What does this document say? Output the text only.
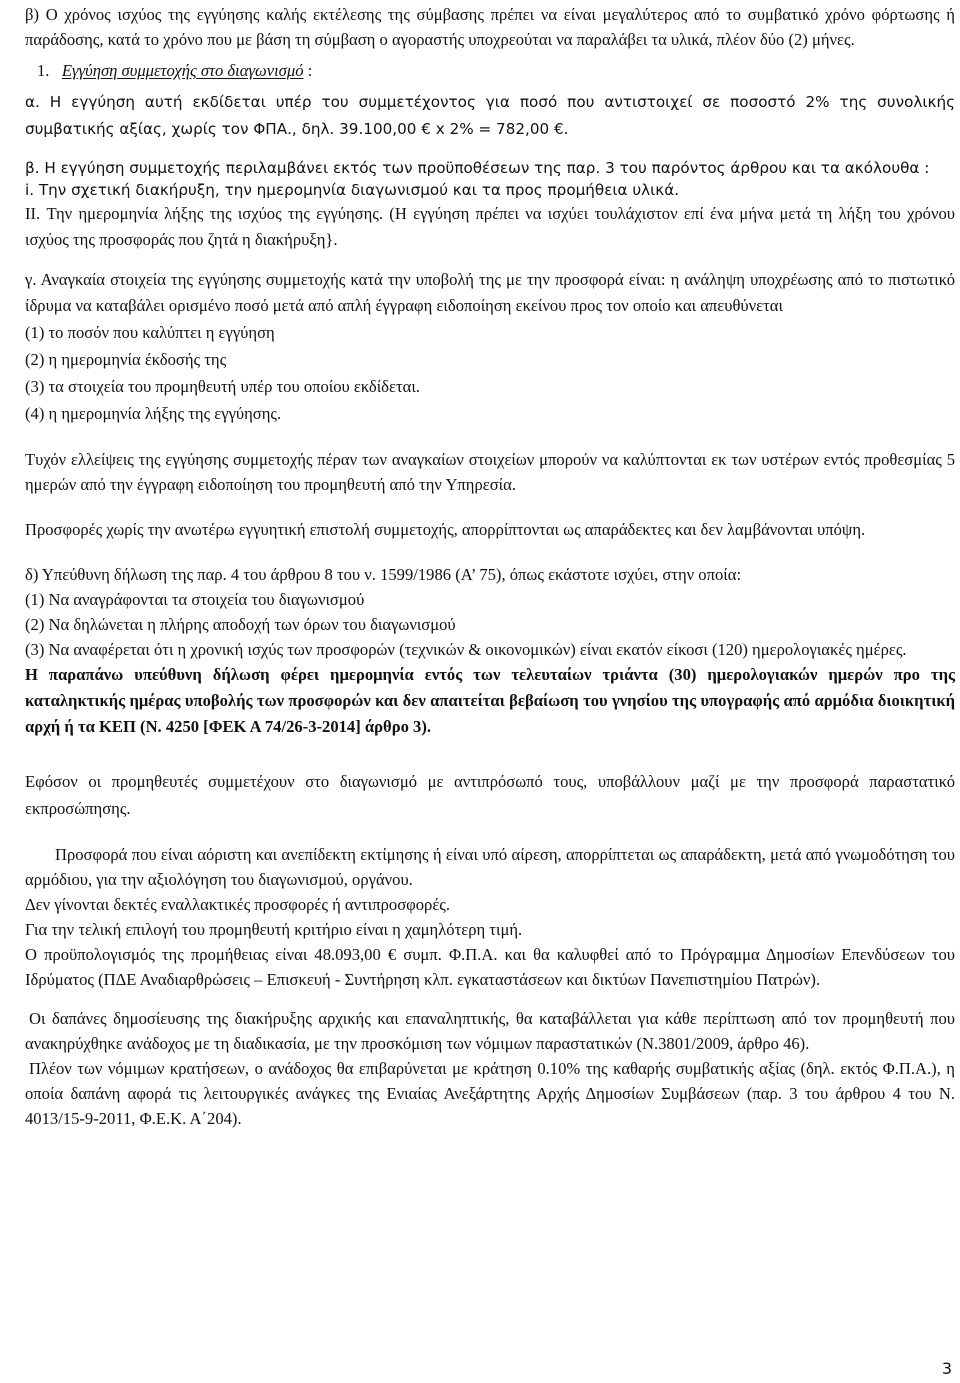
β) Ο χρόνος ισχύος της εγγύησης καλής εκτέλεσης της σύμβασης πρέπει να είναι μεγαλύτερος από το συμβατικό χρόνο φόρτωσης ή παράδοσης, κατά το χρόνο που με βάση τη σύμβαση ο αγοραστής υποχρεούται να παραλάβει τα υλικά, πλέον δύο (2) μήνες.

1. Εγγύηση συμμετοχής στο διαγωνισμό :

α. Η εγγύηση αυτή εκδίδεται υπέρ του συμμετέχοντος για ποσό που αντιστοιχεί σε ποσοστό 2% της συνολικής συμβατικής αξίας, χωρίς τον ΦΠΑ., δηλ. 39.100,00 € x 2% = 782,00 €.

β. Η εγγύηση συμμετοχής περιλαμβάνει εκτός των προϋποθέσεων της παρ. 3 του παρόντος άρθρου και τα ακόλουθα :

i. Την σχετική διακήρυξη, την ημερομηνία διαγωνισμού και τα προς προμήθεια υλικά.

II. Την ημερομηνία λήξης της ισχύος της εγγύησης. (Η εγγύηση πρέπει να ισχύει τουλάχιστον επί ένα μήνα μετά τη λήξη του χρόνου ισχύος της προσφοράς που ζητά η διακήρυξη}.

γ. Αναγκαία στοιχεία της εγγύησης συμμετοχής κατά την υποβολή της με την προσφορά είναι: η ανάληψη υποχρέωσης από το πιστωτικό ίδρυμα να καταβάλει ορισμένο ποσό μετά από απλή έγγραφη ειδοποίηση εκείνου προς τον οποίο και απευθύνεται

(1) το ποσόν που καλύπτει η εγγύηση

(2) η ημερομηνία έκδοσής της

(3) τα στοιχεία του προμηθευτή υπέρ του οποίου εκδίδεται.

(4) η ημερομηνία λήξης της εγγύησης.

Τυχόν ελλείψεις της εγγύησης συμμετοχής πέραν των αναγκαίων στοιχείων μπορούν να καλύπτονται εκ των υστέρων εντός προθεσμίας 5 ημερών από την έγγραφη ειδοποίηση του προμηθευτή από την Υπηρεσία.

Προσφορές χωρίς την ανωτέρω εγγυητική επιστολή συμμετοχής, απορρίπτονται ως απαράδεκτες και δεν λαμβάνονται υπόψη.

δ) Υπεύθυνη δήλωση της παρ. 4 του άρθρου 8 του ν. 1599/1986 (Α’ 75), όπως εκάστοτε ισχύει, στην οποία:

(1) Να αναγράφονται τα στοιχεία του διαγωνισμού

(2) Να δηλώνεται η πλήρης αποδοχή των όρων του διαγωνισμού

(3) Να αναφέρεται ότι η χρονική ισχύς των προσφορών (τεχνικών & οικονομικών) είναι εκατόν είκοσι (120) ημερολογιακές ημέρες.

Η παραπάνω υπεύθυνη δήλωση φέρει ημερομηνία εντός των τελευταίων τριάντα (30) ημερολογιακών ημερών προ της καταληκτικής ημέρας υποβολής των προσφορών και δεν απαιτείται βεβαίωση του γνησίου της υπογραφής από αρμόδια διοικητική αρχή ή τα ΚΕΠ (Ν. 4250 [ΦΕΚ Α 74/26-3-2014] άρθρο 3).

Εφόσον οι προμηθευτές συμμετέχουν στο διαγωνισμό με αντιπρόσωπό τους, υποβάλλουν μαζί με την προσφορά παραστατικό εκπροσώπησης.

Προσφορά που είναι αόριστη και ανεπίδεκτη εκτίμησης ή είναι υπό αίρεση, απορρίπτεται ως απαράδεκτη, μετά από γνωμοδότηση του αρμόδιου, για την αξιολόγηση του διαγωνισμού, οργάνου.

Δεν γίνονται δεκτές εναλλακτικές προσφορές ή αντιπροσφορές.

Για την τελική επιλογή του προμηθευτή κριτήριο είναι η χαμηλότερη τιμή.

Ο προϋπολογισμός της προμήθειας είναι 48.093,00 € συμπ. Φ.Π.Α. και θα καλυφθεί από το Πρόγραμμα Δημοσίων Επενδύσεων του Ιδρύματος (ΠΔΕ Αναδιαρθρώσεις – Επισκευή - Συντήρηση κλπ. εγκαταστάσεων και δικτύων Πανεπιστημίου Πατρών).

Οι δαπάνες δημοσίευσης της διακήρυξης αρχικής και επαναληπτικής, θα καταβάλλεται για κάθε περίπτωση από τον προμηθευτή που ανακηρύχθηκε ανάδοχος με τη διαδικασία, με την προσκόμιση των νόμιμων παραστατικών (Ν.3801/2009, άρθρο 46).

Πλέον των νόμιμων κρατήσεων, ο ανάδοχος θα επιβαρύνεται με κράτηση 0.10% της καθαρής συμβατικής αξίας (δηλ. εκτός Φ.Π.Α.), η οποία δαπάνη αφορά τις λειτουργικές ανάγκες της Ενιαίας Ανεξάρτητης Αρχής Δημοσίων Συμβάσεων (παρ. 3 του άρθρου 4 του Ν. 4013/15-9-2011, Φ.Ε.Κ. Α΄204).

3
